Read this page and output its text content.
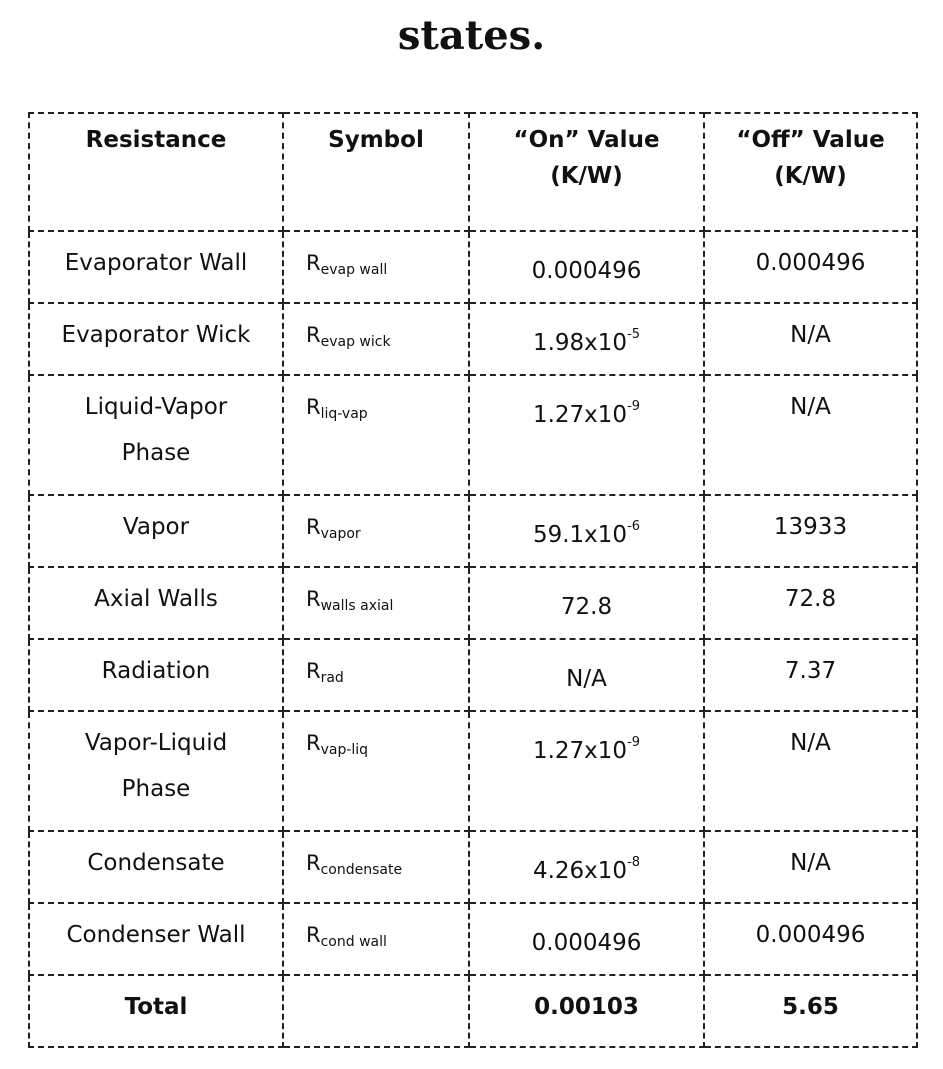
states.
Resistance	Symbol	“On” Value (K/W)	“Off” Value (K/W)
Evaporator Wall	Revap wall	0.000496	0.000496
Evaporator Wick	Revap wick	1.98x10-5	N/A
Liquid-Vapor Phase	Rliq-vap	1.27x10-9	N/A
Vapor	Rvapor	59.1x10-6	13933
Axial Walls	Rwalls axial	72.8	72.8
Radiation	Rrad	N/A	7.37
Vapor-Liquid Phase	Rvap-liq	1.27x10-9	N/A
Condensate	Rcondensate	4.26x10-8	N/A
Condenser Wall	Rcond wall	0.000496	0.000496
Total		0.00103	5.65
